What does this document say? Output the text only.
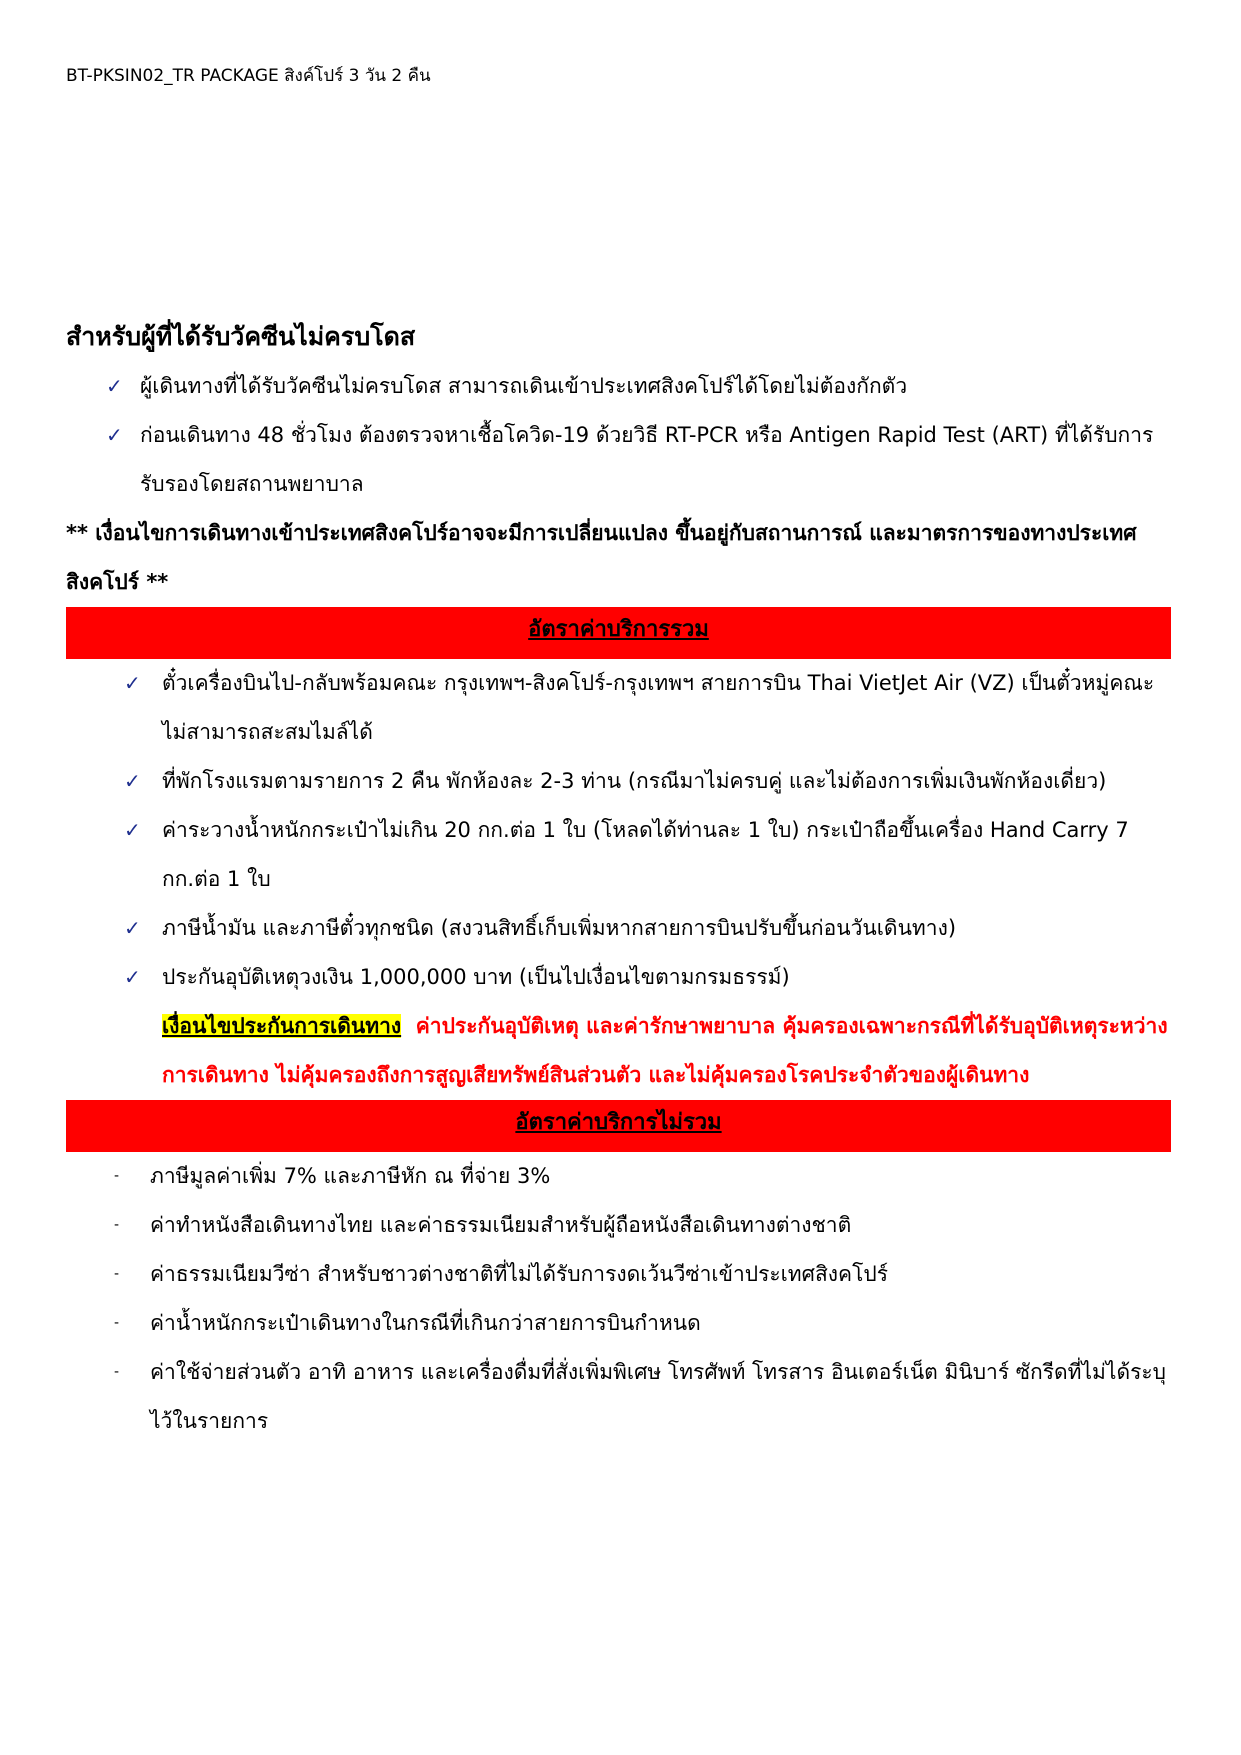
BT-PKSIN02_TR PACKAGE สิงค์โปร์ 3 วัน 2 คืน
สำหรับผู้ที่ได้รับวัคซีนไม่ครบโดส
✓ ผู้เดินทางที่ได้รับวัคซีนไม่ครบโดส สามารถเดินเข้าประเทศสิงคโปร์ได้โดยไม่ต้องกักตัว
✓ ก่อนเดินทาง 48 ชั่วโมง ต้องตรวจหาเชื้อโควิด-19 ด้วยวิธี RT-PCR หรือ Antigen Rapid Test (ART) ที่ได้รับการรับรองโดยสถานพยาบาล
** เงื่อนไขการเดินทางเข้าประเทศสิงคโปร์อาจจะมีการเปลี่ยนแปลง ขึ้นอยู่กับสถานการณ์ และมาตรการของทางประเทศสิงคโปร์ **
อัตราค่าบริการรวม
✓ ตั๋วเครื่องบินไป-กลับพร้อมคณะ กรุงเทพฯ-สิงคโปร์-กรุงเทพฯ สายการบิน Thai VietJet Air (VZ) เป็นตั๋วหมู่คณะไม่สามารถสะสมไมล์ได้
✓ ที่พักโรงแรมตามรายการ 2 คืน พักห้องละ 2-3 ท่าน (กรณีมาไม่ครบคู่ และไม่ต้องการเพิ่มเงินพักห้องเดี่ยว)
✓ ค่าระวางน้ำหนักกระเป๋าไม่เกิน 20 กก.ต่อ 1 ใบ (โหลดได้ท่านละ 1 ใบ) กระเป๋าถือขึ้นเครื่อง Hand Carry 7 กก.ต่อ 1 ใบ
✓ ภาษีน้ำมัน และภาษีตั๋วทุกชนิด (สงวนสิทธิ์เก็บเพิ่มหากสายการบินปรับขึ้นก่อนวันเดินทาง)
✓ ประกันอุบัติเหตุวงเงิน 1,000,000 บาท (เป็นไปเงื่อนไขตามกรมธรรม์)
เงื่อนไขประกันการเดินทาง ค่าประกันอุบัติเหตุ และค่ารักษาพยาบาล คุ้มครองเฉพาะกรณีที่ได้รับอุบัติเหตุระหว่างการเดินทาง ไม่คุ้มครองถึงการสูญเสียทรัพย์สินส่วนตัว และไม่คุ้มครองโรคประจำตัวของผู้เดินทาง
อัตราค่าบริการไม่รวม
- ภาษีมูลค่าเพิ่ม 7% และภาษีหัก ณ ที่จ่าย 3%
- ค่าทำหนังสือเดินทางไทย และค่าธรรมเนียมสำหรับผู้ถือหนังสือเดินทางต่างชาติ
- ค่าธรรมเนียมวีซ่า สำหรับชาวต่างชาติที่ไม่ได้รับการงดเว้นวีซ่าเข้าประเทศสิงคโปร์
- ค่าน้ำหนักกระเป๋าเดินทางในกรณีที่เกินกว่าสายการบินกำหนด
- ค่าใช้จ่ายส่วนตัว อาทิ อาหาร และเครื่องดื่มที่สั่งเพิ่มพิเศษ โทรศัพท์ โทรสาร อินเตอร์เน็ต มินิบาร์ ซักรีดที่ไม่ได้ระบุไว้ในรายการ
